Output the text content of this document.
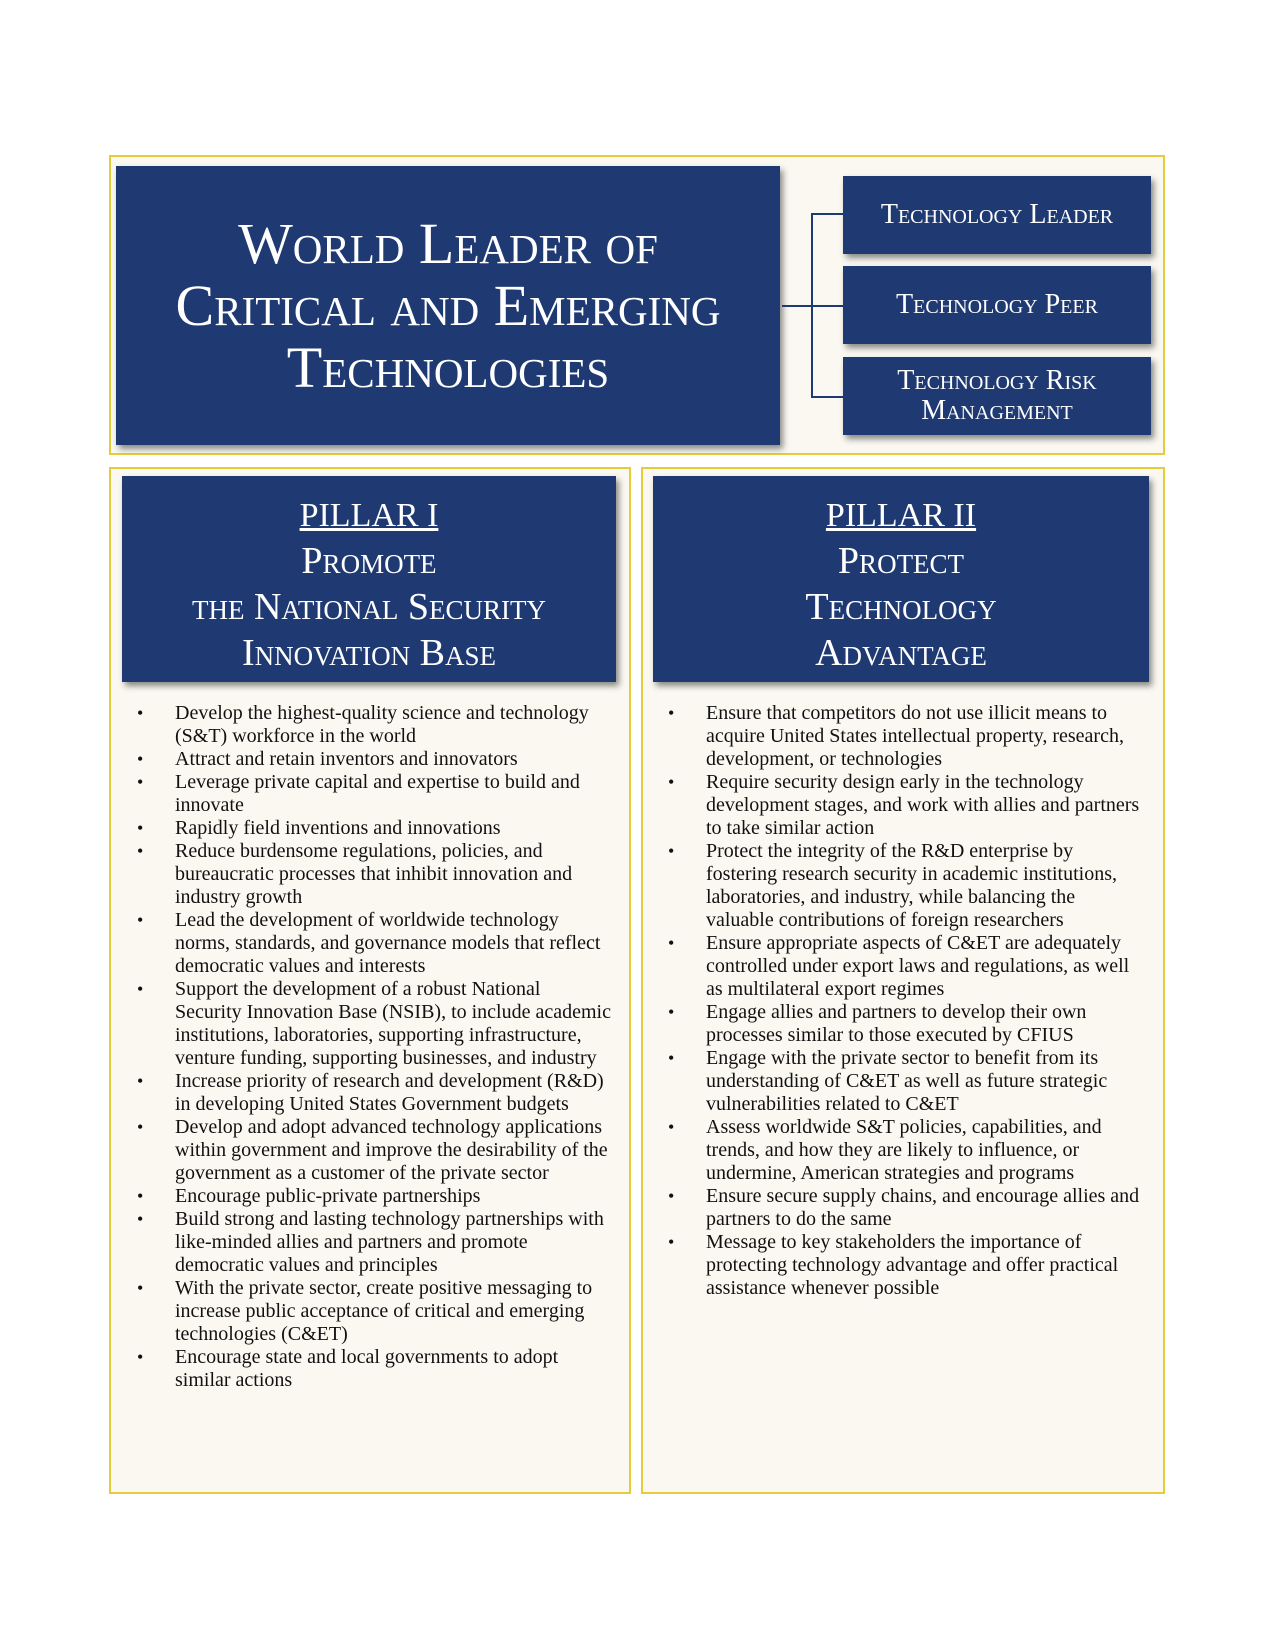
World Leader of Critical and Emerging Technologies
Technology Leader
Technology Peer
Technology Risk Management
PILLAR I
Promote
the National Security
Innovation Base
PILLAR II
Protect
Technology
Advantage
• Develop the highest-quality science and technology (S&T) workforce in the world
• Attract and retain inventors and innovators
• Leverage private capital and expertise to build and innovate
• Rapidly field inventions and innovations
• Reduce burdensome regulations, policies, and bureaucratic processes that inhibit innovation and industry growth
• Lead the development of worldwide technology norms, standards, and governance models that reflect democratic values and interests
• Support the development of a robust National Security Innovation Base (NSIB), to include academic institutions, laboratories, supporting infrastructure, venture funding, supporting businesses, and industry
• Increase priority of research and development (R&D) in developing United States Government budgets
• Develop and adopt advanced technology applications within government and improve the desirability of the government as a customer of the private sector
• Encourage public-private partnerships
• Build strong and lasting technology partnerships with like-minded allies and partners and promote democratic values and principles
• With the private sector, create positive messaging to increase public acceptance of critical and emerging technologies (C&ET)
• Encourage state and local governments to adopt similar actions
• Ensure that competitors do not use illicit means to acquire United States intellectual property, research, development, or technologies
• Require security design early in the technology development stages, and work with allies and partners to take similar action
• Protect the integrity of the R&D enterprise by fostering research security in academic institutions, laboratories, and industry, while balancing the valuable contributions of foreign researchers
• Ensure appropriate aspects of C&ET are adequately controlled under export laws and regulations, as well as multilateral export regimes
• Engage allies and partners to develop their own processes similar to those executed by CFIUS
• Engage with the private sector to benefit from its understanding of C&ET as well as future strategic vulnerabilities related to C&ET
• Assess worldwide S&T policies, capabilities, and trends, and how they are likely to influence, or undermine, American strategies and programs
• Ensure secure supply chains, and encourage allies and partners to do the same
• Message to key stakeholders the importance of protecting technology advantage and offer practical assistance whenever possible
